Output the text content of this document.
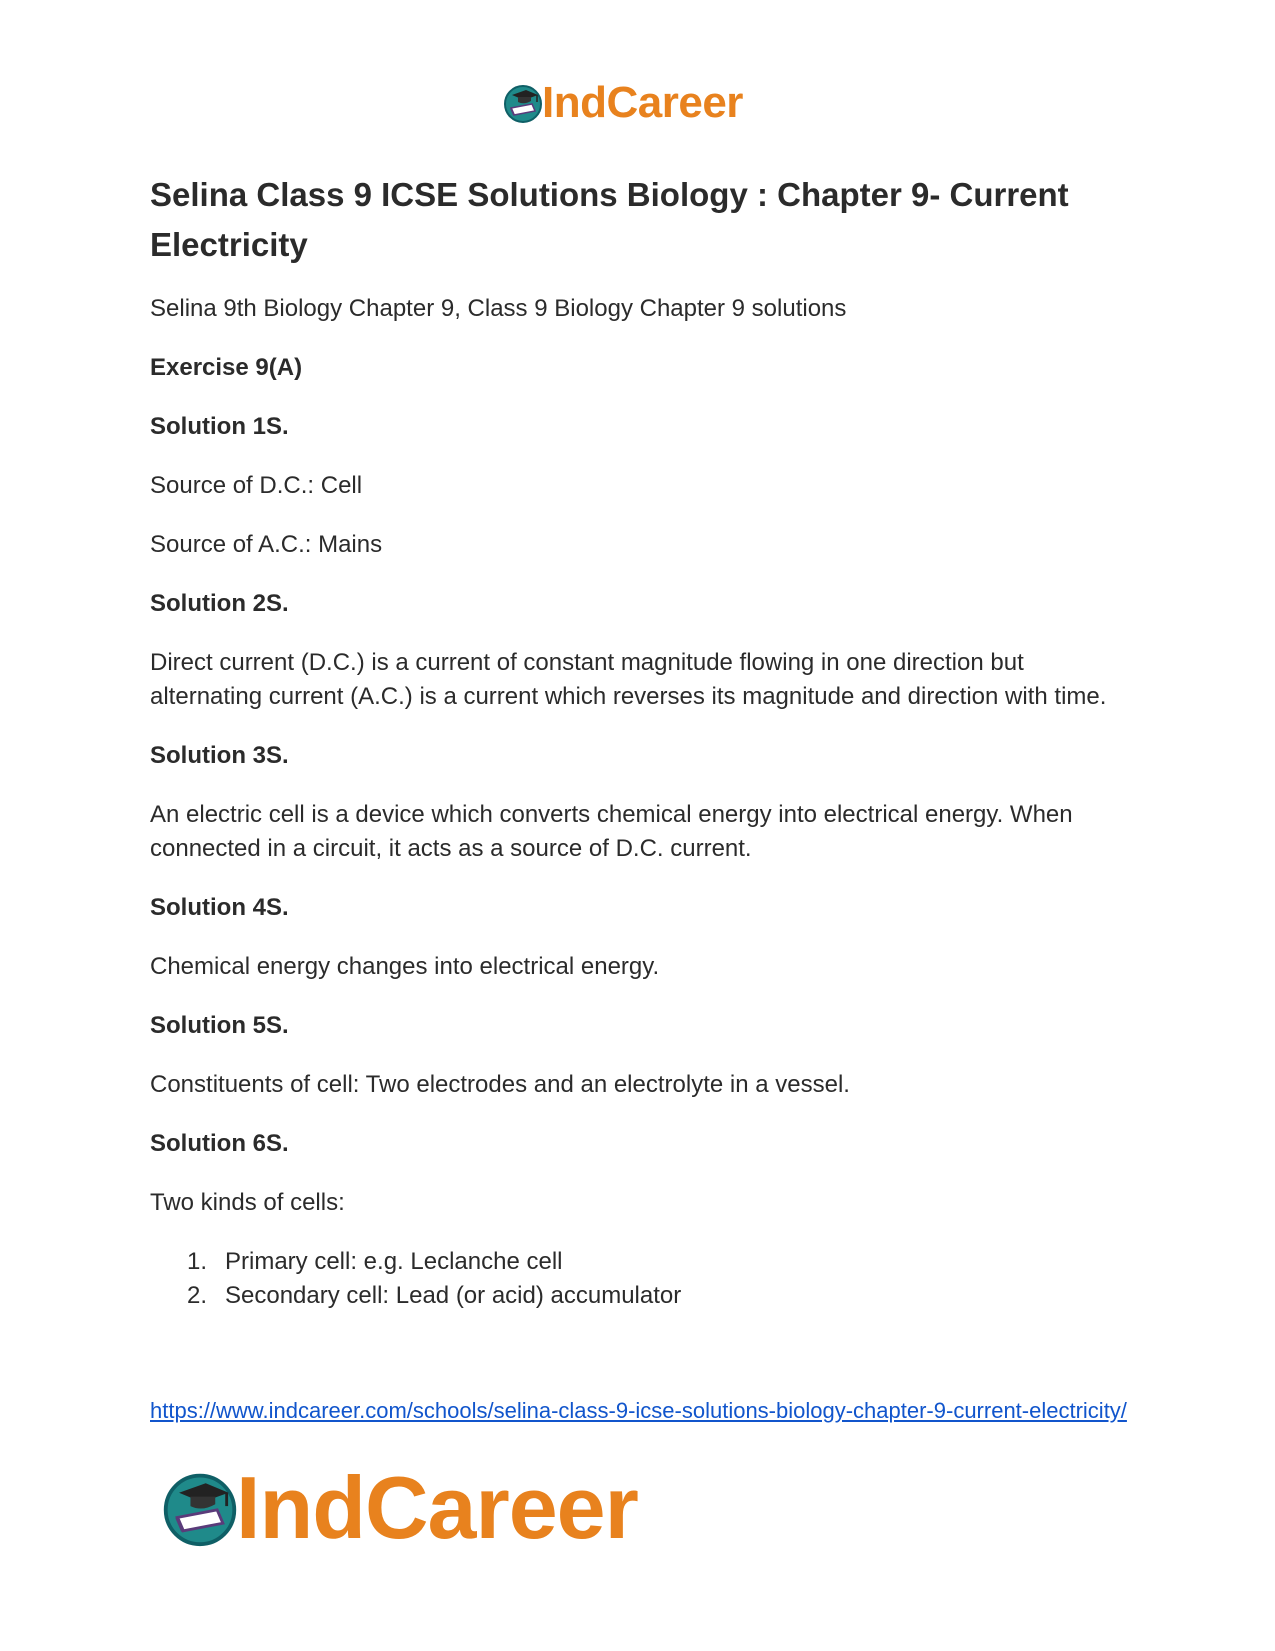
IndCareer
Selina Class 9 ICSE Solutions Biology : Chapter 9- Current Electricity
Selina 9th Biology Chapter 9, Class 9 Biology Chapter 9 solutions
Exercise 9(A)
Solution 1S.
Source of D.C.: Cell
Source of A.C.: Mains
Solution 2S.
Direct current (D.C.) is a current of constant magnitude flowing in one direction but alternating current (A.C.) is a current which reverses its magnitude and direction with time.
Solution 3S.
An electric cell is a device which converts chemical energy into electrical energy. When connected in a circuit, it acts as a source of D.C. current.
Solution 4S.
Chemical energy changes into electrical energy.
Solution 5S.
Constituents of cell: Two electrodes and an electrolyte in a vessel.
Solution 6S.
Two kinds of cells:
1. Primary cell: e.g. Leclanche cell
2. Secondary cell: Lead (or acid) accumulator
https://www.indcareer.com/schools/selina-class-9-icse-solutions-biology-chapter-9-current-electricity/
IndCareer
